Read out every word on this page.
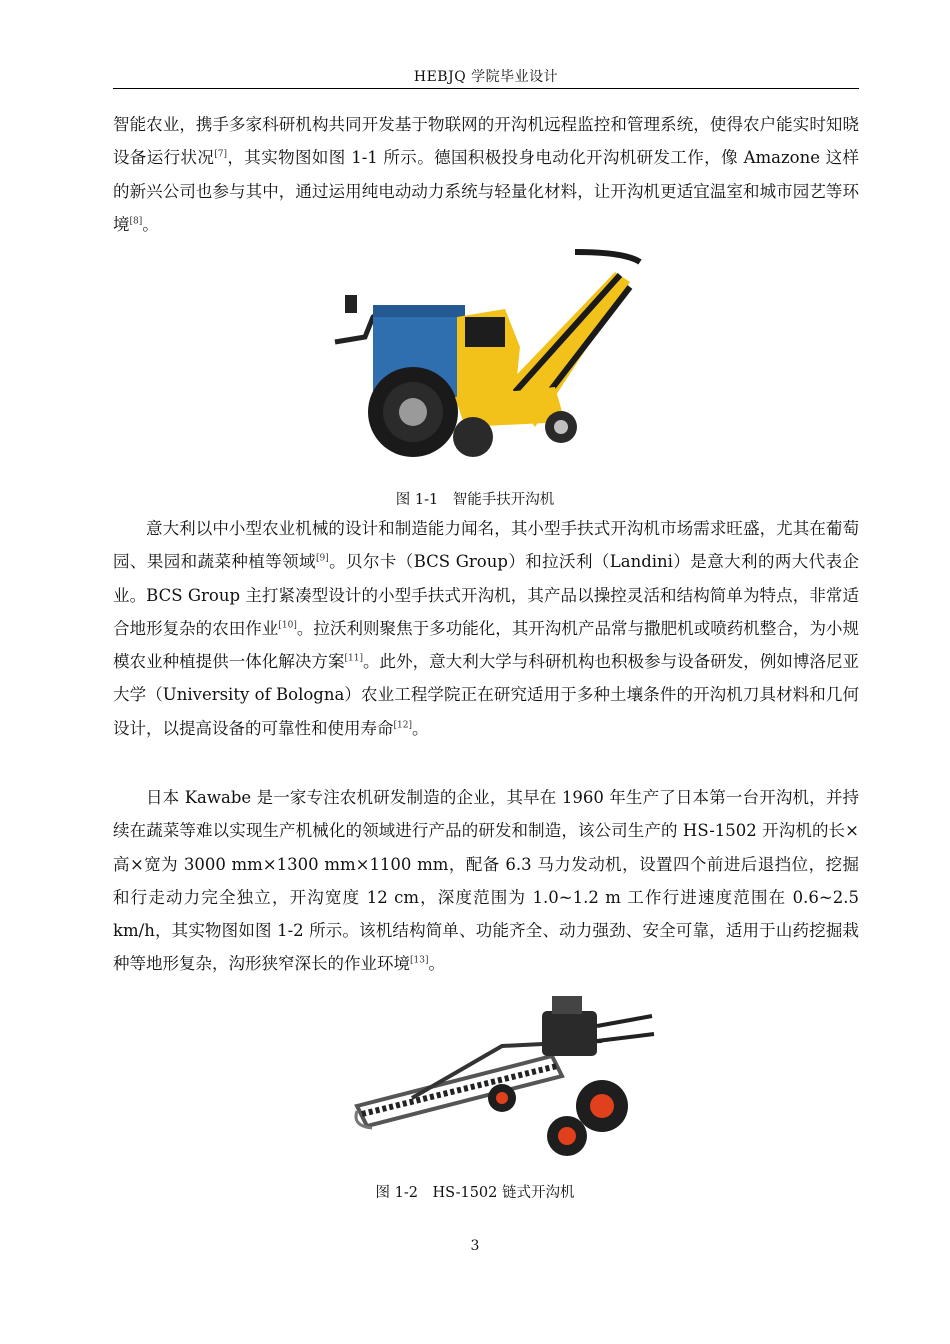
HEBJQ 学院毕业设计

智能农业，携手多家科研机构共同开发基于物联网的开沟机远程监控和管理系统，使得农户能实时知晓设备运行状况[7]，其实物图如图 1-1 所示。德国积极投身电动化开沟机研发工作，像 Amazone 这样的新兴公司也参与其中，通过运用纯电动动力系统与轻量化材料，让开沟机更适宜温室和城市园艺等环境[8]。

图 1-1　智能手扶开沟机

意大利以中小型农业机械的设计和制造能力闻名，其小型手扶式开沟机市场需求旺盛，尤其在葡萄园、果园和蔬菜种植等领域[9]。贝尔卡（BCS Group）和拉沃利（Landini）是意大利的两大代表企业。BCS Group 主打紧凑型设计的小型手扶式开沟机，其产品以操控灵活和结构简单为特点，非常适合地形复杂的农田作业[10]。拉沃利则聚焦于多功能化，其开沟机产品常与撒肥机或喷药机整合，为小规模农业种植提供一体化解决方案[11]。此外，意大利大学与科研机构也积极参与设备研发，例如博洛尼亚大学（University of Bologna）农业工程学院正在研究适用于多种土壤条件的开沟机刀具材料和几何设计，以提高设备的可靠性和使用寿命[12]。

日本 Kawabe 是一家专注农机研发制造的企业，其早在 1960 年生产了日本第一台开沟机，并持续在蔬菜等难以实现生产机械化的领域进行产品的研发和制造，该公司生产的 HS-1502 开沟机的长×高×宽为 3000 mm×1300 mm×1100 mm，配备 6.3 马力发动机，设置四个前进后退挡位，挖掘和行走动力完全独立，开沟宽度 12 cm，深度范围为 1.0~1.2 m 工作行进速度范围在 0.6~2.5 km/h，其实物图如图 1-2 所示。该机结构简单、功能齐全、动力强劲、安全可靠，适用于山药挖掘栽种等地形复杂，沟形狭窄深长的作业环境[13]。

图 1-2　HS-1502 链式开沟机
3
